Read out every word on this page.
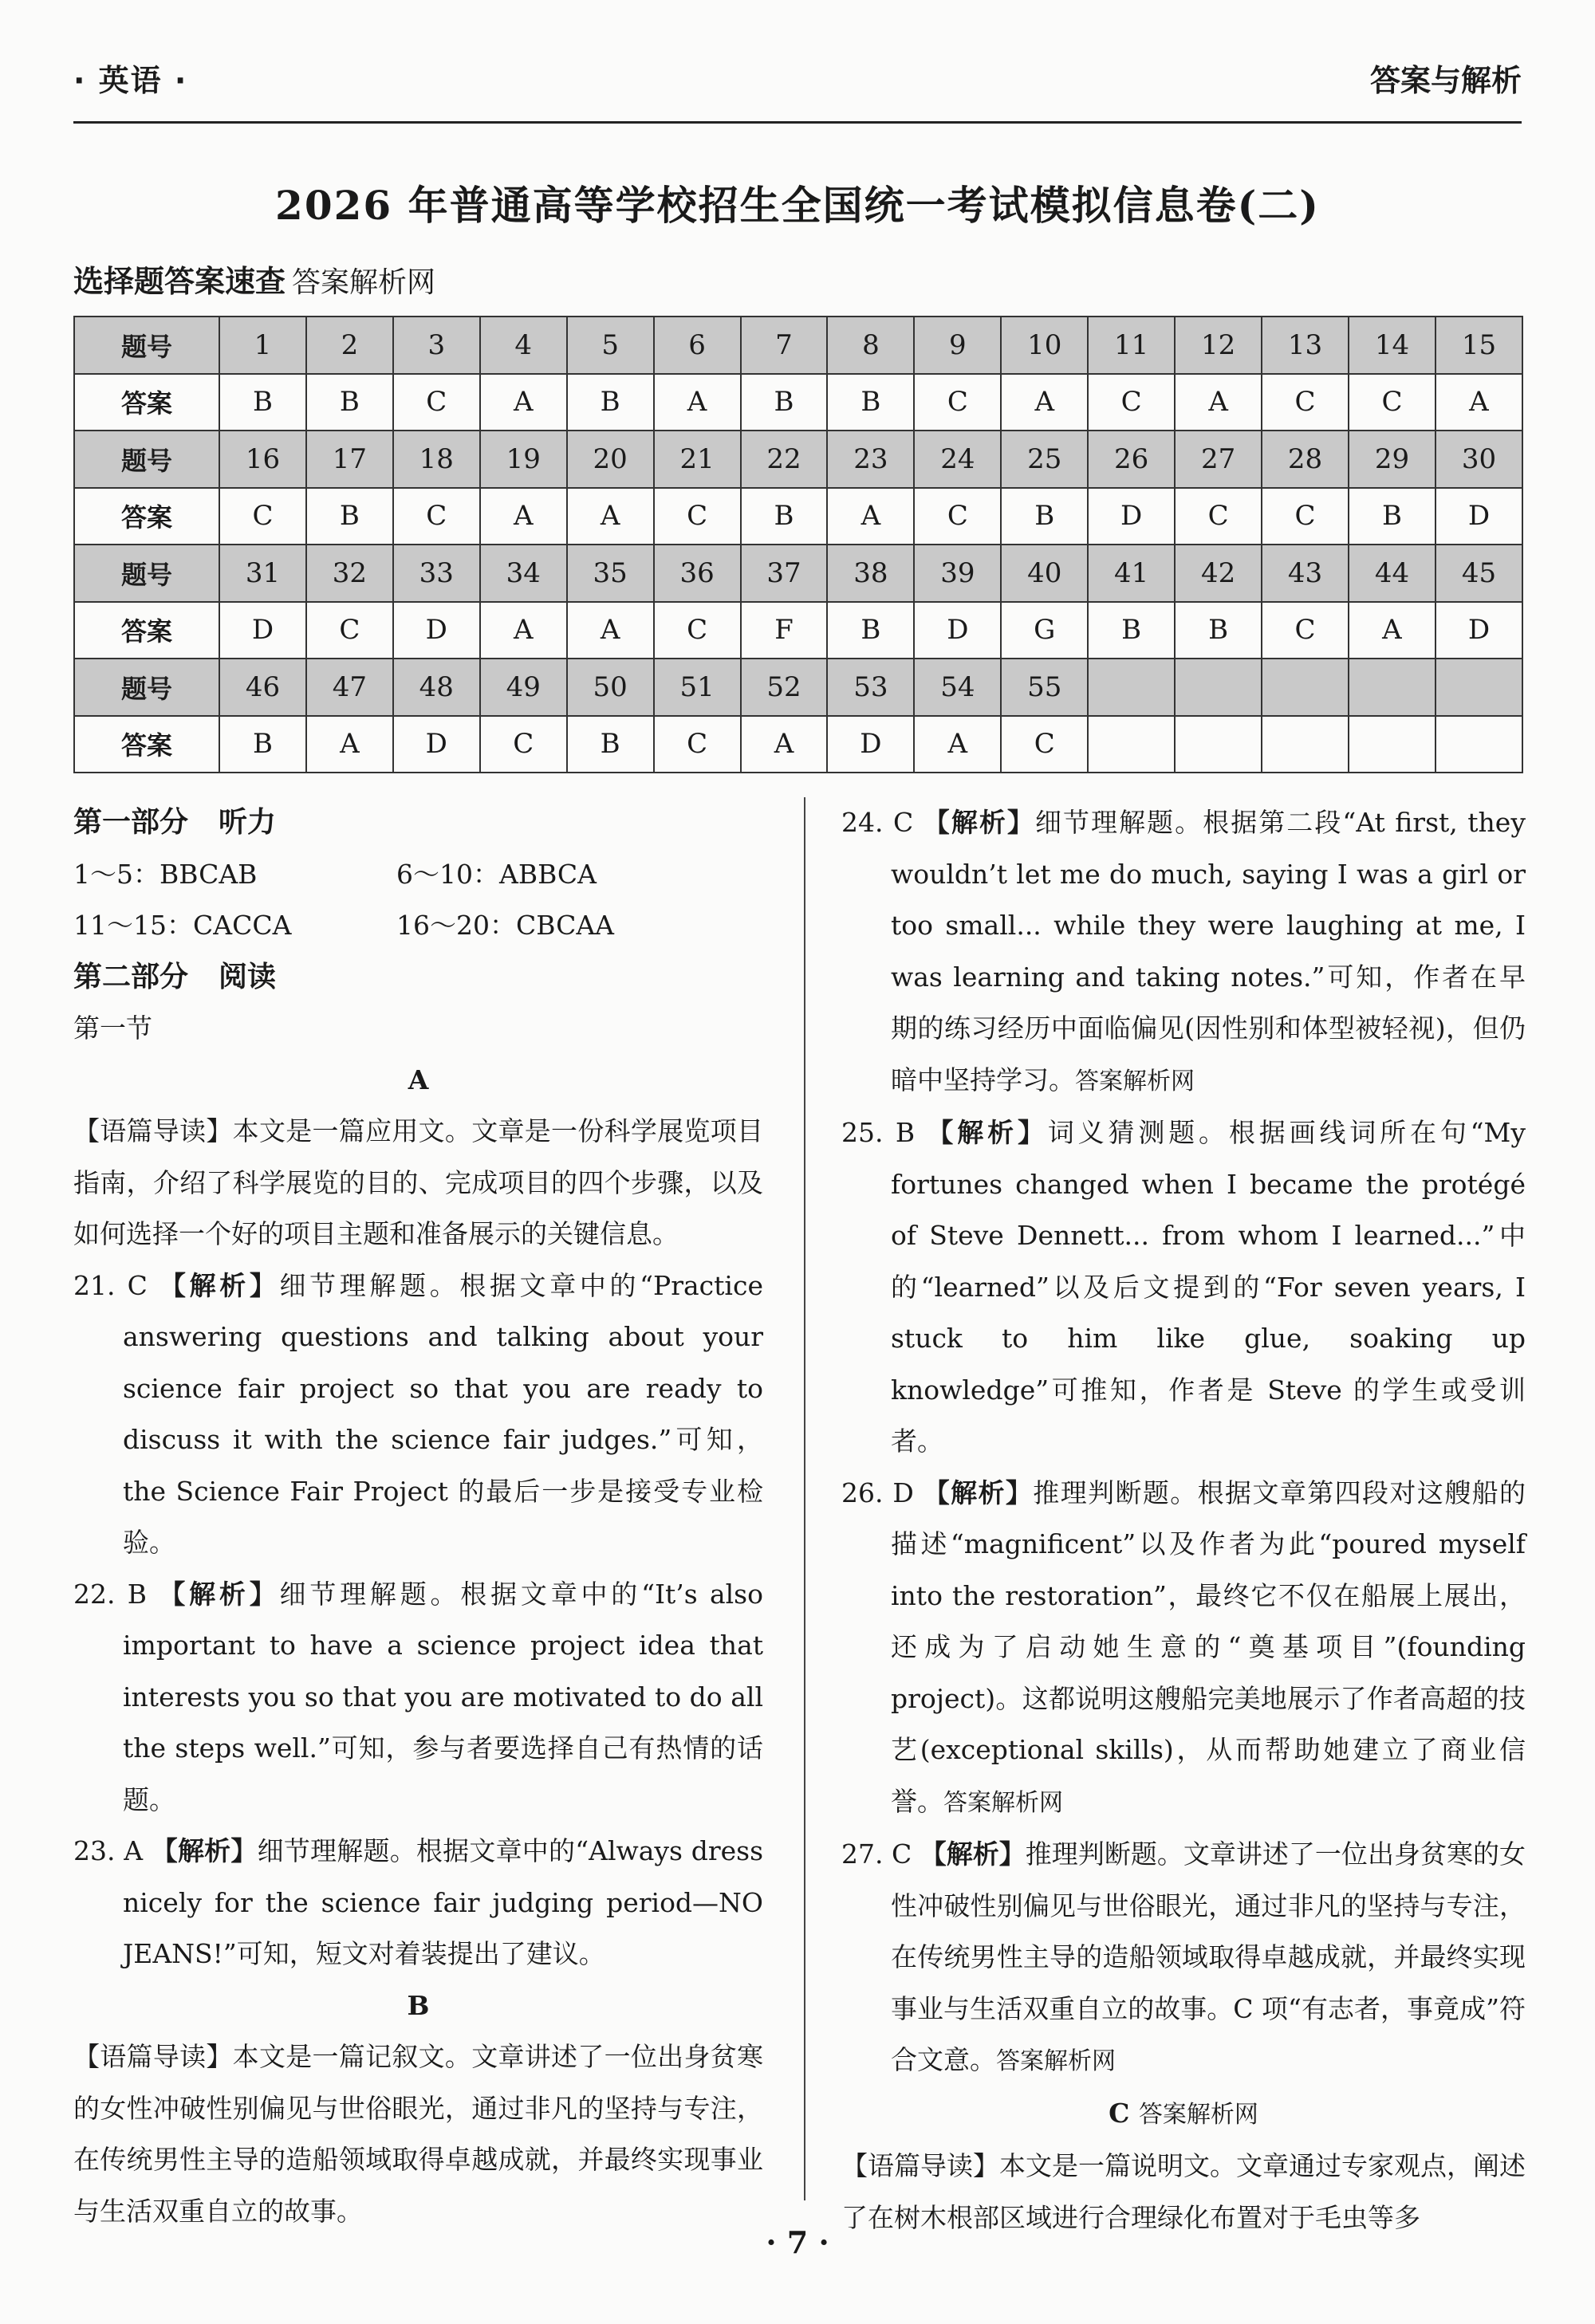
· 英语 ·	答案与解析
2026 年普通高等学校招生全国统一考试模拟信息卷(二)
选择题答案速查 答案解析网
题号	1	2	3	4	5	6	7	8	9	10	11	12	13	14	15
答案	B	B	C	A	B	A	B	B	C	A	C	A	C	C	A
题号	16	17	18	19	20	21	22	23	24	25	26	27	28	29	30
答案	C	B	C	A	A	C	B	A	C	B	D	C	C	B	D
题号	31	32	33	34	35	36	37	38	39	40	41	42	43	44	45
答案	D	C	D	A	A	C	F	B	D	G	B	B	C	A	D
题号	46	47	48	49	50	51	52	53	54	55					
答案	B	A	D	C	B	C	A	D	A	C					
第一部分 听力
1～5：BBCAB	6～10：ABBCA
11～15：CACCA	16～20：CBCAA
第二部分 阅读
第一节
A

【语篇导读】本文是一篇应用文。文章是一份科学展览项目指南，介绍了科学展览的目的、完成项目的四个步骤，以及如何选择一个好的项目主题和准备展示的关键信息。

21. C 【解析】细节理解题。根据文章中的“Practice answering questions and talking about your science fair project so that you are ready to discuss it with the science fair judges.”可知，the Science Fair Project 的最后一步是接受专业检验。

22. B 【解析】细节理解题。根据文章中的“It’s also important to have a science project idea that interests you so that you are motivated to do all the steps well.”可知，参与者要选择自己有热情的话题。

23. A 【解析】细节理解题。根据文章中的“Always dress nicely for the science fair judging period—NO JEANS!”可知，短文对着装提出了建议。

B

【语篇导读】本文是一篇记叙文。文章讲述了一位出身贫寒的女性冲破性别偏见与世俗眼光，通过非凡的坚持与专注，在传统男性主导的造船领域取得卓越成就，并最终实现事业与生活双重自立的故事。

24. C 【解析】细节理解题。根据第二段“At first, they wouldn’t let me do much, saying I was a girl or too small... while they were laughing at me, I was learning and taking notes.”可知，作者在早期的练习经历中面临偏见(因性别和体型被轻视)，但仍暗中坚持学习。答案解析网

25. B 【解析】词义猜测题。根据画线词所在句“My fortunes changed when I became the protégé of Steve Dennett... from whom I learned...”中的“learned”以及后文提到的“For seven years, I stuck to him like glue, soaking up knowledge”可推知，作者是 Steve 的学生或受训者。

26. D 【解析】推理判断题。根据文章第四段对这艘船的描述“magnificent”以及作者为此“poured myself into the restoration”，最终它不仅在船展上展出，还成为了启动她生意的“奠基项目”(founding project)。这都说明这艘船完美地展示了作者高超的技艺(exceptional skills)，从而帮助她建立了商业信誉。答案解析网

27. C 【解析】推理判断题。文章讲述了一位出身贫寒的女性冲破性别偏见与世俗眼光，通过非凡的坚持与专注，在传统男性主导的造船领域取得卓越成就，并最终实现事业与生活双重自立的故事。C 项“有志者，事竟成”符合文意。答案解析网

C 答案解析网

【语篇导读】本文是一篇说明文。文章通过专家观点，阐述了在树木根部区域进行合理绿化布置对于毛虫等多

· 7 ·
